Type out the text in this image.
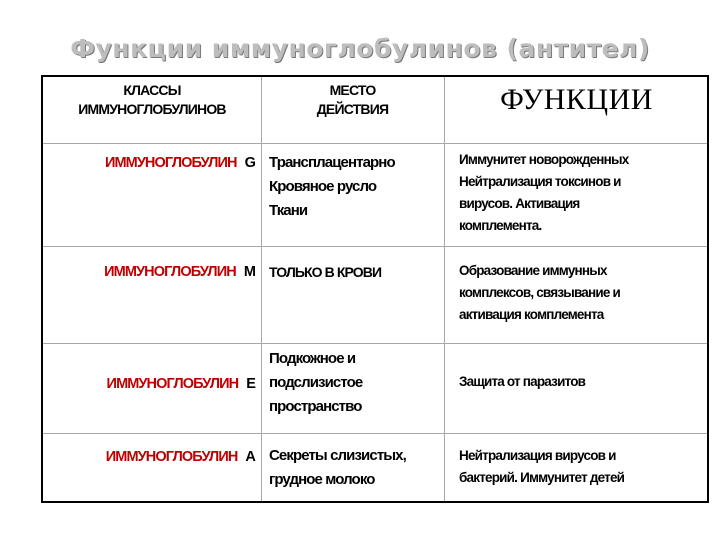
Функции иммуноглобулинов (антител)
КЛАССЫ
ИММУНОГЛОБУЛИНОВ
МЕСТО
ДЕЙСТВИЯ	ФУНКЦИИ
ИММУНОГЛОБУЛИН G Трансплацентарно
Кровяное русло
Ткани
Иммунитет новорожденных
Нейтрализация токсинов и
вирусов. Активация
комплемента.
ИММУНОГЛОБУЛИН M ТОЛЬКО В КРОВИ	Образование иммунных
комплексов, связывание и
активация комплемента
ИММУНОГЛОБУЛИН E
Подкожное и
подслизистое
пространство
Защита от паразитов
ИММУНОГЛОБУЛИН A Секреты слизистых,
грудное молоко
Нейтрализация вирусов и
бактерий. Иммунитет детей
